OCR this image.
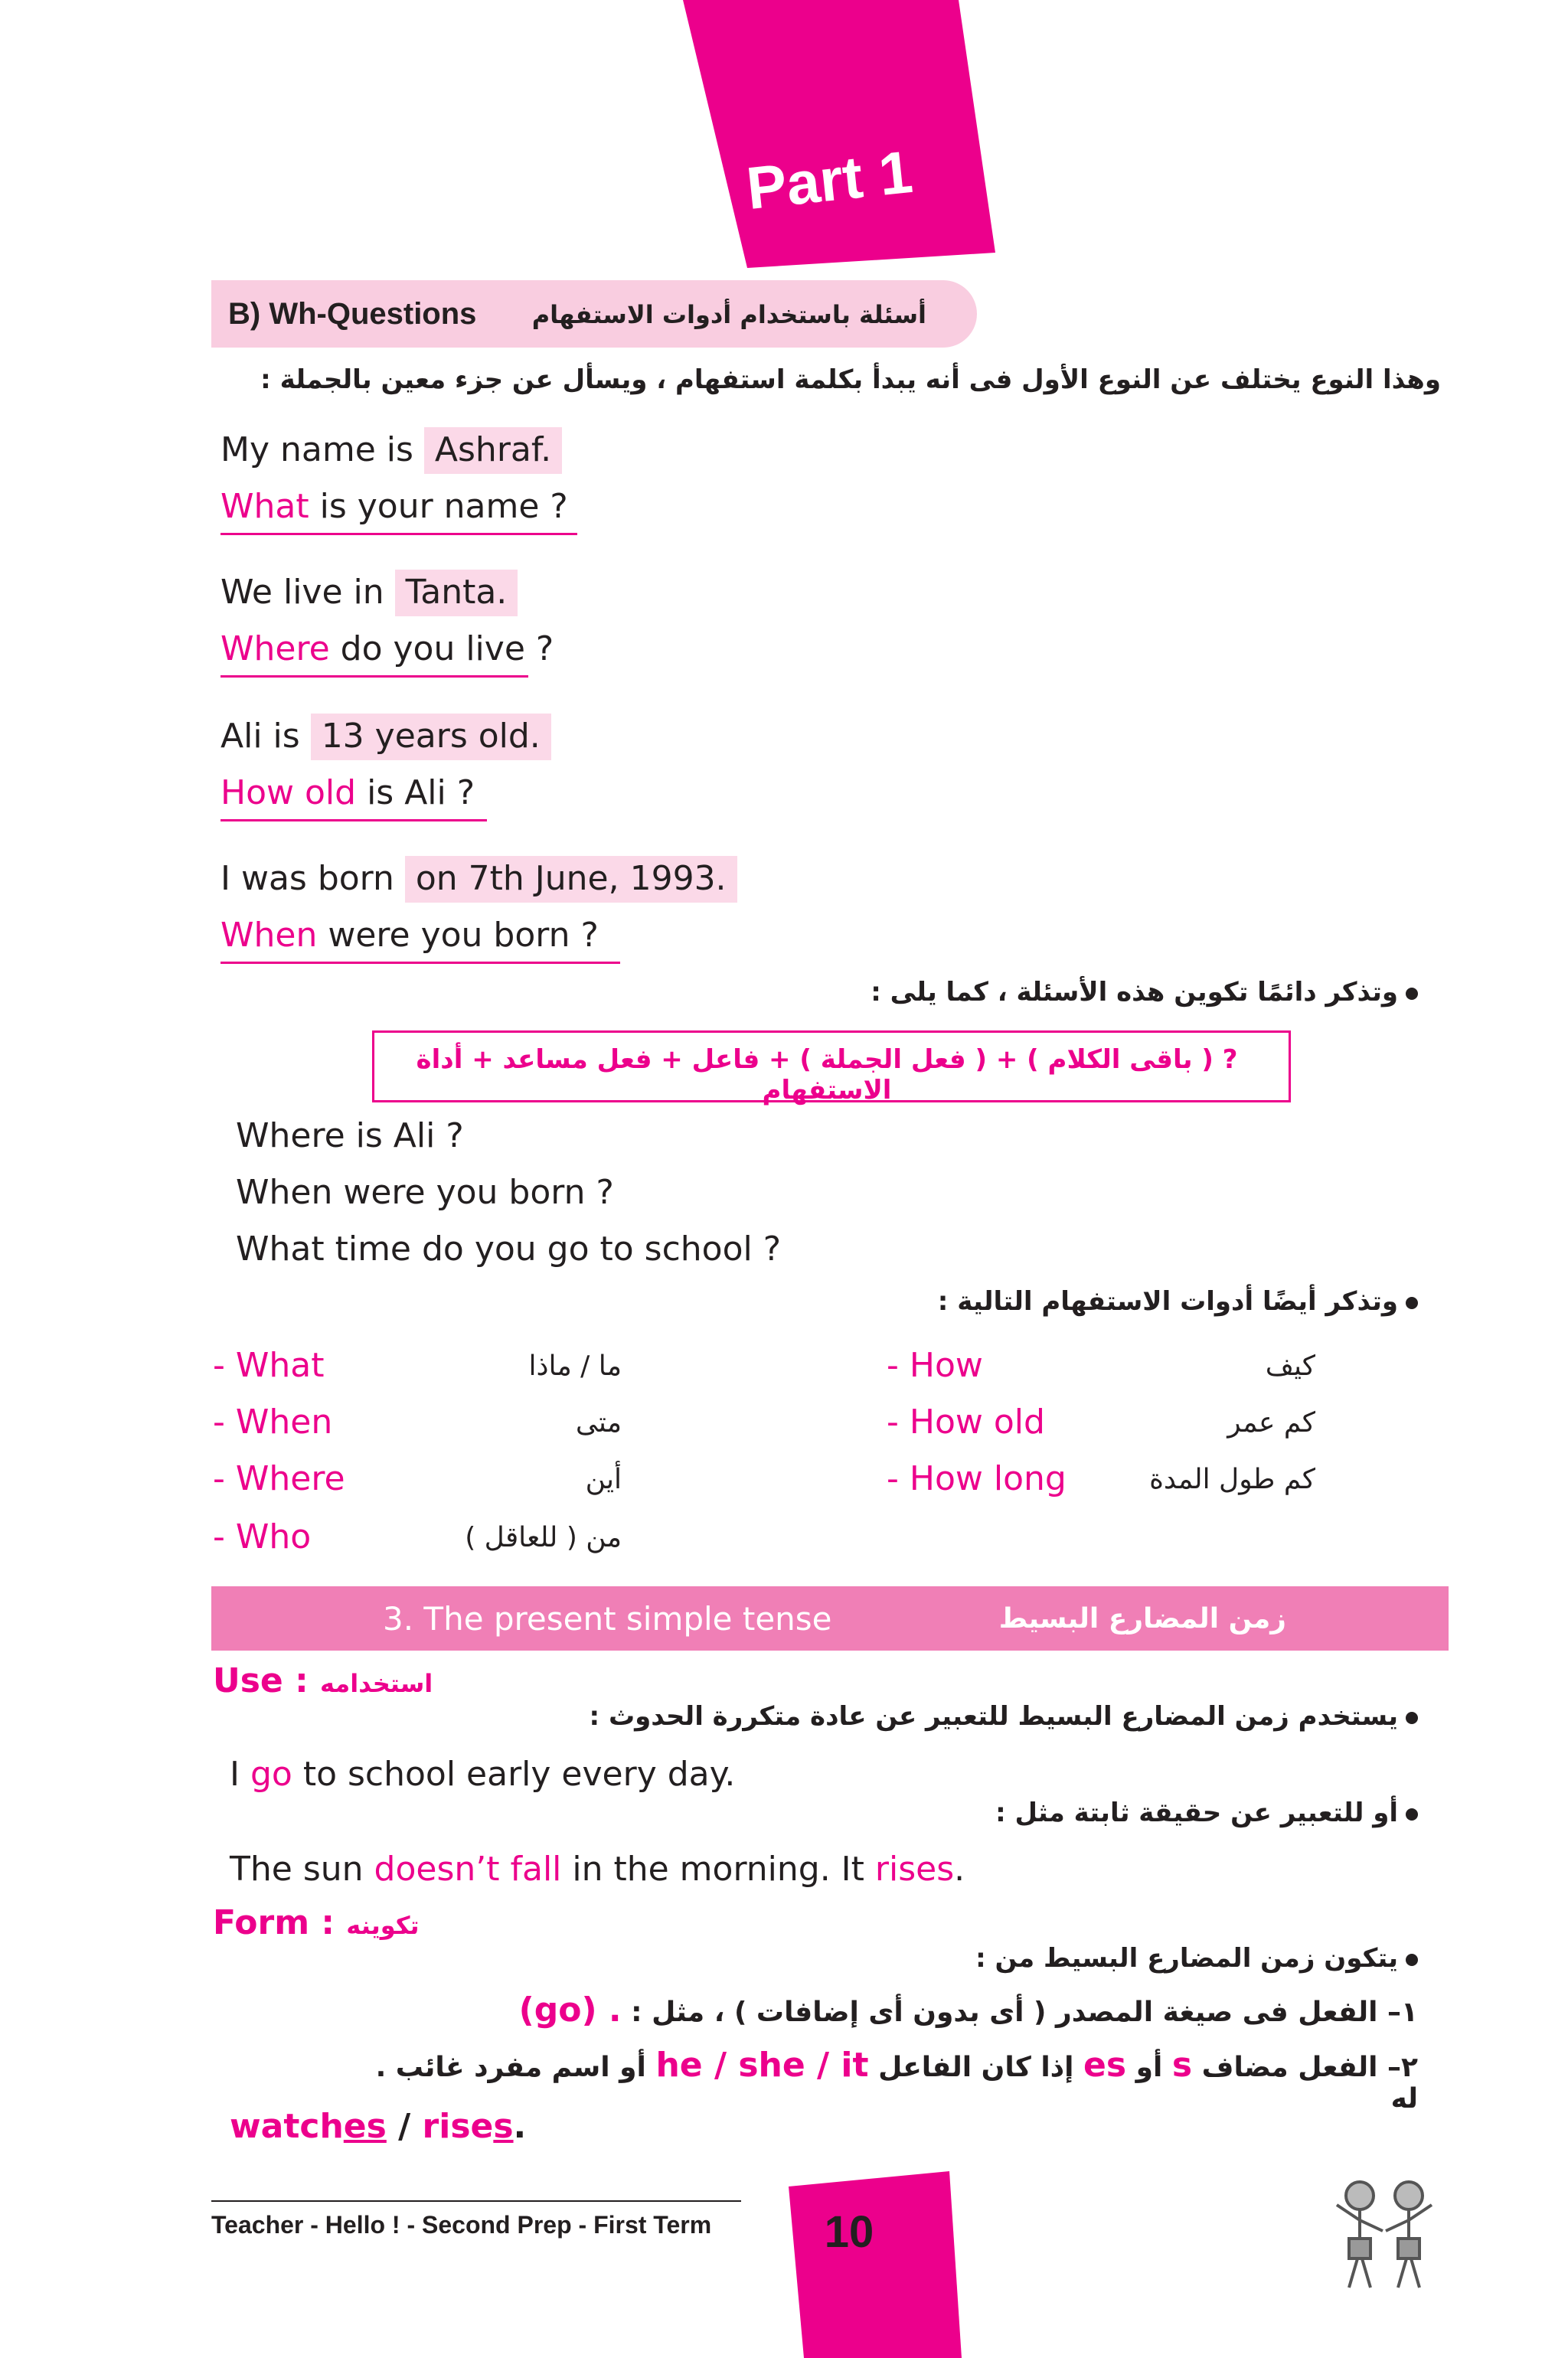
Part 1
B) Wh-Questions أسئلة باستخدام أدوات الاستفهام
وهذا النوع يختلف عن النوع الأول فى أنه يبدأ بكلمة استفهام ، ويسأل عن جزء معين بالجملة :
My name is Ashraf.
What is your name ?
We live in Tanta.
Where do you live ?
Ali is 13 years old.
How old is Ali ?
I was born on 7th June, 1993.
When were you born ?
وتذكر دائمًا تكوين هذه الأسئلة ، كما يلى :
? ( باقى الكلام ) + ( فعل الجملة ) + فاعل + فعل مساعد + أداة الاستفهام
Where is Ali ?
When were you born ?
What time do you go to school ?
وتذكر أيضًا أدوات الاستفهام التالية :
- What	ما / ماذا
- When	متى
- Where	أين
- Who	من ( للعاقل )
- How	كيف
- How old	كم عمر
- How long	كم طول المدة
3. The present simple tense	زمن المضارع البسيط
Use : استخدامه
يستخدم زمن المضارع البسيط للتعبير عن عادة متكررة الحدوث :
I go to school early every day.
أو للتعبير عن حقيقة ثابتة مثل :
The sun doesn’t fall in the morning. It rises.
Form : تكوينه
يتكون زمن المضارع البسيط من :
(go) . ١– الفعل فى صيغة المصدر ( أى بدون أى إضافات ) ، مثل :
أو اسم مفرد غائب . he / she / it إذا كان الفاعل es أو s ٢– الفعل مضاف له
watches / rises.
Teacher - Hello ! - Second Prep - First Term	10
